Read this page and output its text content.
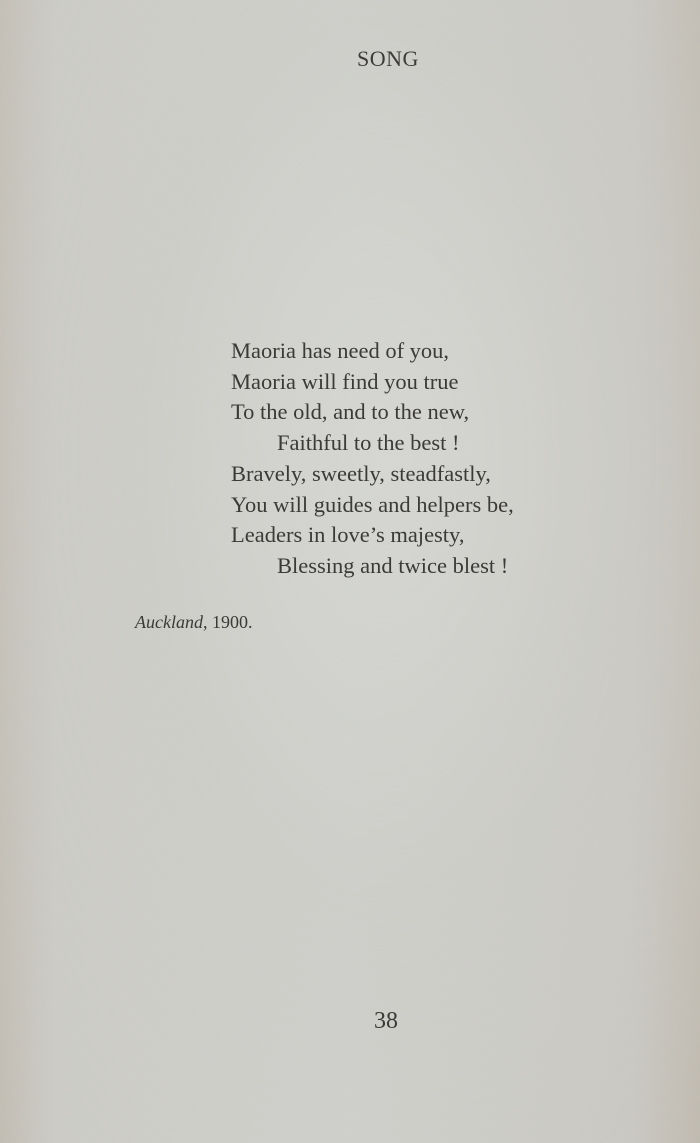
SONG
Maoria has need of you,
Maoria will find you true
To the old, and to the new,
Faithful to the best !
Bravely, sweetly, steadfastly,
You will guides and helpers be,
Leaders in love’s majesty,
Blessing and twice blest !
Auckland, 1900.
38
